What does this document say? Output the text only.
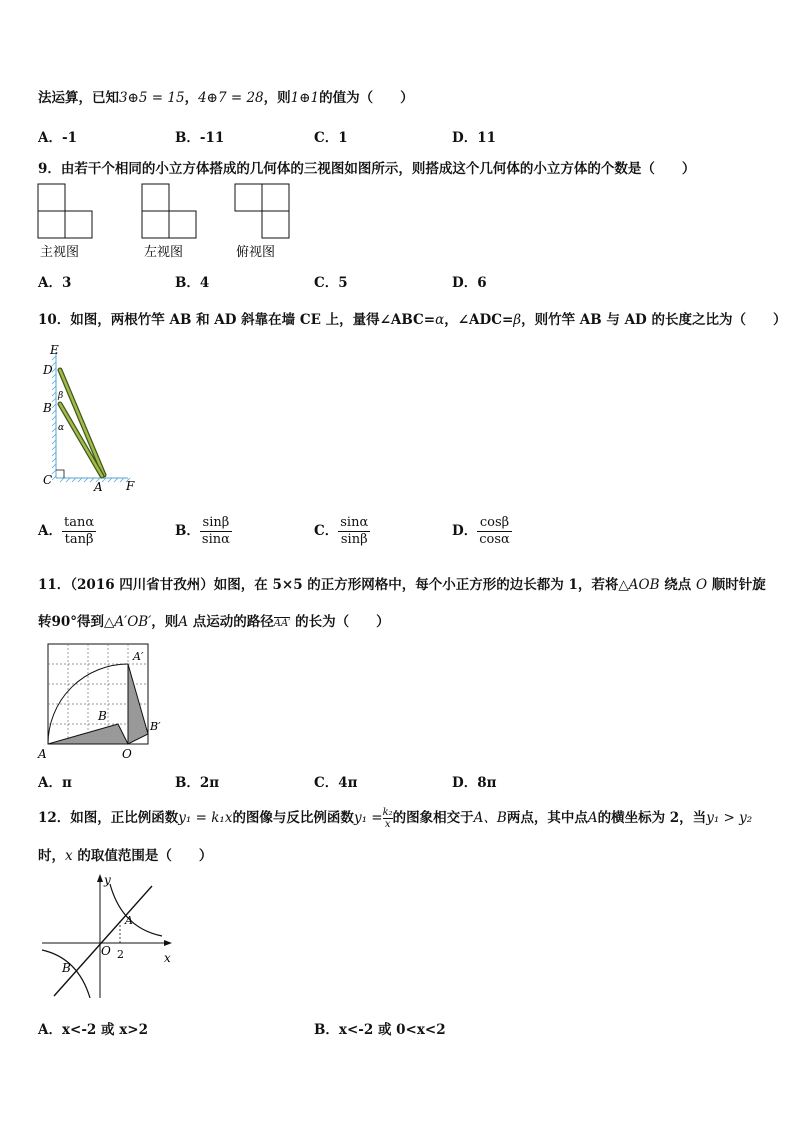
法运算，已知3⊕5 = 15，4⊕7 = 28，则1⊕1的值为（　　）
A．-1	B．-11	C．1	D．11
9．由若干个相同的小立方体搭成的几何体的三视图如图所示，则搭成这个几何体的小立方体的个数是（　　）
主视图	左视图	俯视图
A．3	B．4	C．5	D．6
10．如图，两根竹竿 AB 和 AD 斜靠在墙 CE 上，量得∠ABC=α，∠ADC=β，则竹竿 AB 与 AD 的长度之比为（　　）
E
D
B
C	A F
β
α
A． $\frac{\tan\alpha}{\tan\beta}$	B． $\frac{\sin\beta}{\sin\alpha}$	C． $\frac{\sin\alpha}{\sin\beta}$	D． $\frac{\cos\beta}{\cos\alpha}$
11．（2016 四川省甘孜州）如图，在 5×5 的正方形网格中，每个小正方形的边长都为 1，若将△AOB 绕点 O 顺时针旋
转90°得到△A′OB′，则A 点运动的路径AA′ 的长为（　　）
A	O
B
A′
B′
A．π	B．2π	C．4π	D．8π
12．如图，正比例函数y₁ = k₁x的图像与反比例函数$y_1 = \frac{\text{k₂}}{x}$ 的图象相交于A、B两点，其中点A的横坐标为 2，当y₁ > y₂
时，x 的取值范围是（　　）
y
x
O
A
B
2
A．x<-2 或 x>2	B．x<-2 或 0<x<2
